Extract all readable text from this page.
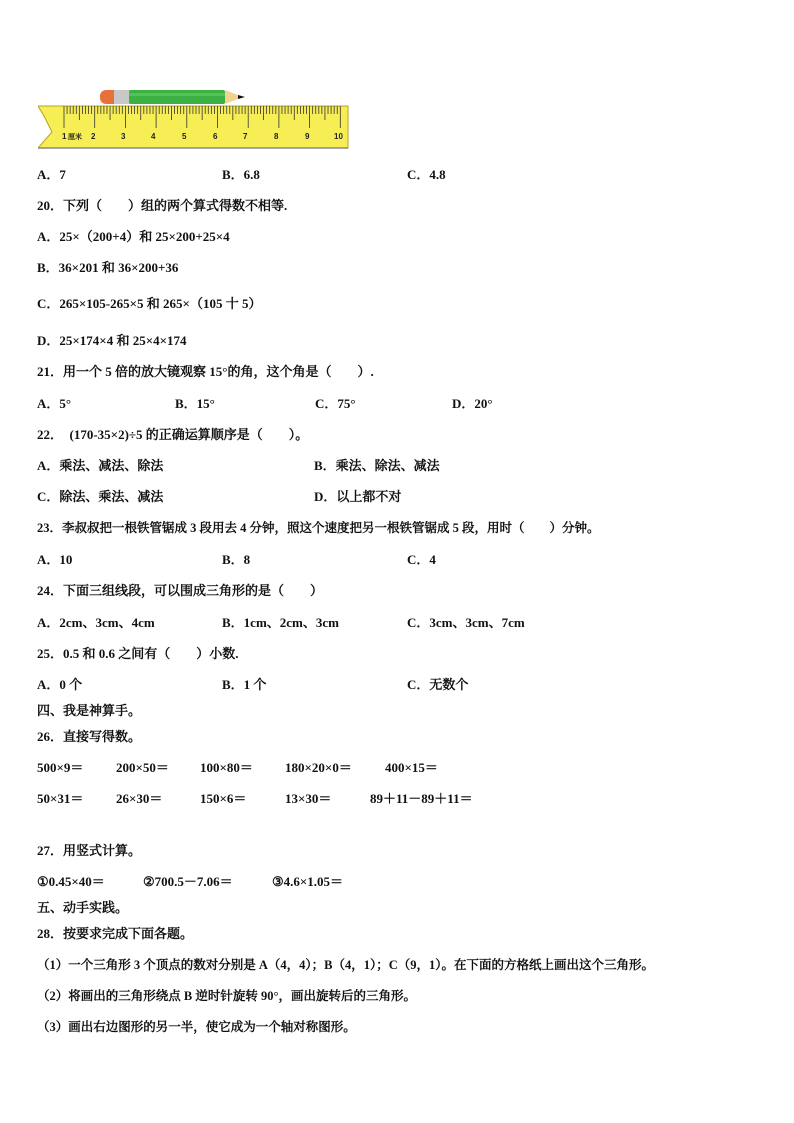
1 厘米 2	3	4	5	6	7	8	9	10
A．7	B．6.8	C．4.8
20．下列（　　）组的两个算式得数不相等.
A．25×（200+4）和 25×200+25×4
B．36×201 和 36×200+36
C．265×105-265×5 和 265×（105 十 5）
D．25×174×4 和 25×4×174
21．用一个 5 倍的放大镜观察 15°的角，这个角是（　　）.
A．5°	B．15°	C．75°	D．20°
22．　(170-35×2)÷5 的正确运算顺序是（　　）。
A．乘法、减法、除法	B．乘法、除法、减法
C．除法、乘法、减法	D．以上都不对
23．李叔叔把一根铁管锯成 3 段用去 4 分钟，照这个速度把另一根铁管锯成 5 段，用时（　　）分钟。
A．10	B．8	C．4
24．下面三组线段，可以围成三角形的是（　　）
A．2cm、3cm、4cm	B．1cm、2cm、3cm	C．3cm、3cm、7cm
25．0.5 和 0.6 之间有（　　）小数.
A．0 个	B．1 个	C．无数个
四、我是神算手。
26．直接写得数。
500×9＝	200×50＝ 100×80＝ 180×20×0＝	400×15＝
50×31＝	26×30＝	150×6＝	13×30＝	89＋11－89＋11＝
27．用竖式计算。
①0.45×40＝	②700.5－7.06＝	③4.6×1.05＝
五、动手实践。
28．按要求完成下面各题。
（1）一个三角形 3 个顶点的数对分别是 A（4，4）；B（4，1）；C（9，1）。在下面的方格纸上画出这个三角形。
（2）将画出的三角形绕点 B 逆时针旋转 90°，画出旋转后的三角形。
（3）画出右边图形的另一半，使它成为一个轴对称图形。
